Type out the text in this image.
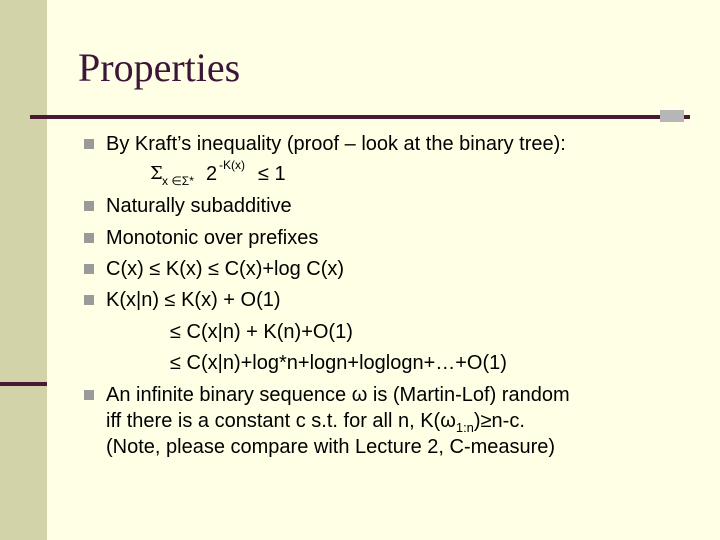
Properties
By Kraft’s inequality (proof – look at the binary tree):
Σ x ∈Σ* 2 -K(x) ≤ 1
Naturally subadditive
Monotonic over prefixes
C(x) ≤ K(x) ≤ C(x)+log C(x)
K(x|n) ≤ K(x) + O(1)
≤ C(x|n) + K(n)+O(1)
≤ C(x|n)+log*n+logn+loglogn+…+O(1)
An infinite binary sequence ω is (Martin-Lof) random
iff there is a constant c s.t. for all n, $K(\omega_{1:n})\ge n-c$.
(Note, please compare with Lecture 2, C-measure)
